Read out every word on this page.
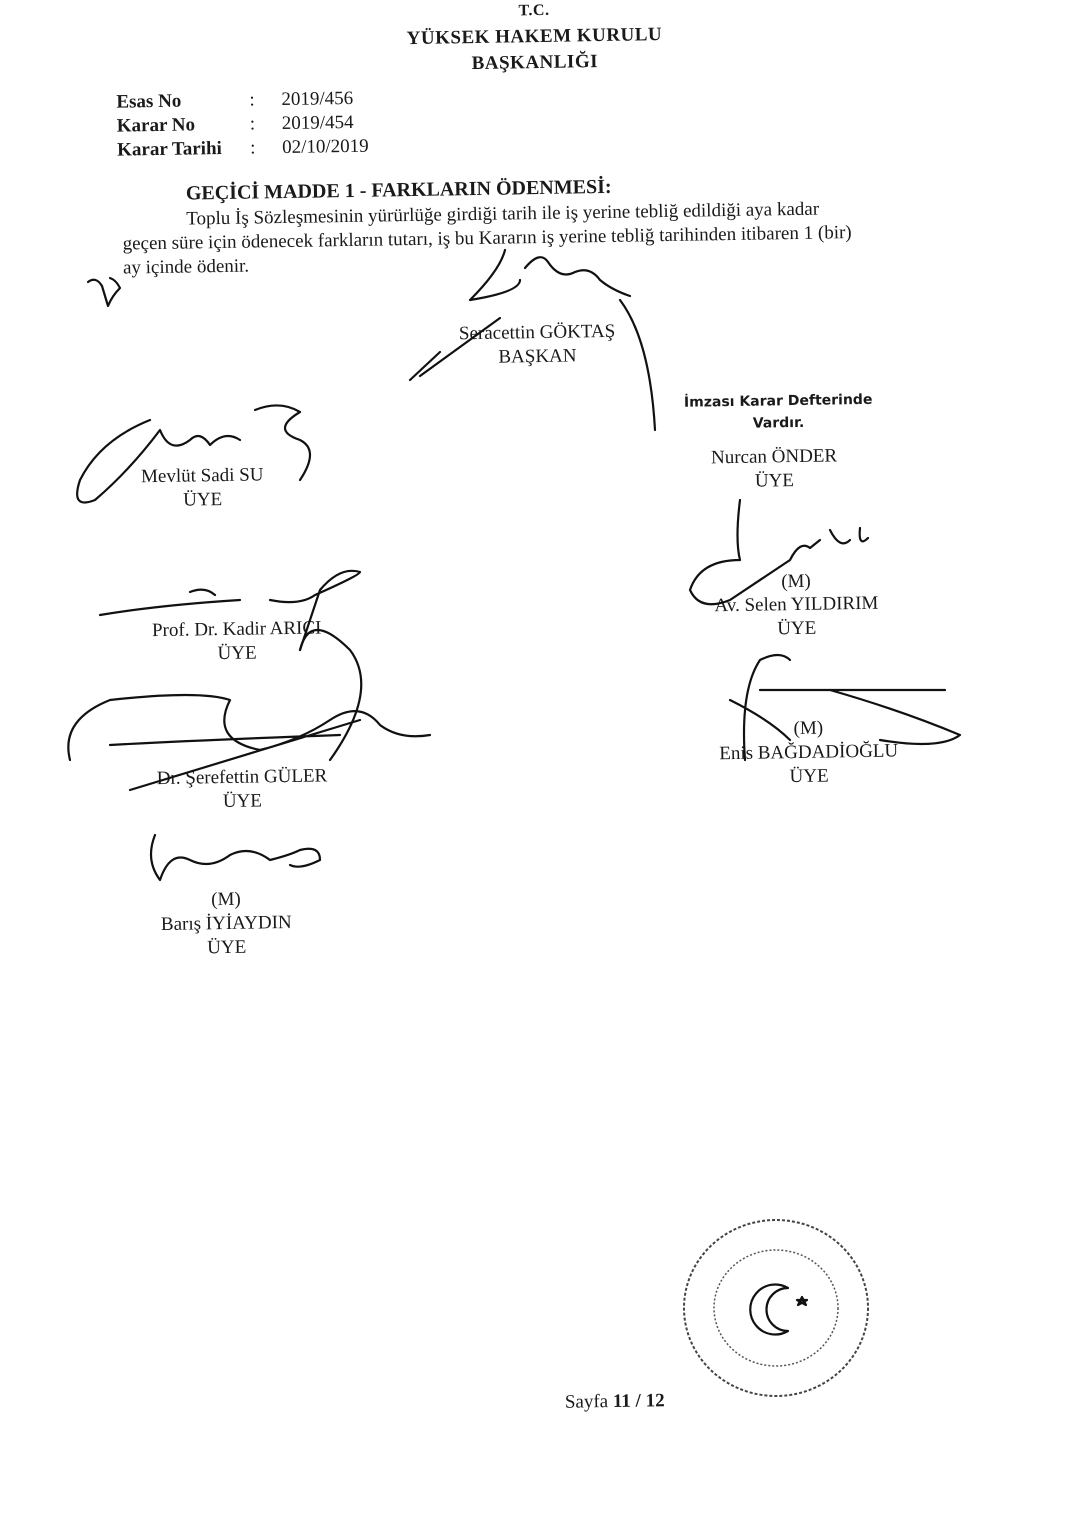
T.C.
YÜKSEK HAKEM KURULU
BAŞKANLIĞI
Esas No	: 2019/456
Karar No	: 2019/454
Karar Tarihi : 02/10/2019
GEÇİCİ MADDE 1 - FARKLARIN ÖDENMESİ:
Toplu İş Sözleşmesinin yürürlüğe girdiği tarih ile iş yerine tebliğ edildiği aya kadar
geçen süre için ödenecek farkların tutarı, iş bu Kararın iş yerine tebliğ tarihinden itibaren 1 (bir)
ay içinde ödenir.
Seracettin GÖKTAŞ
BAŞKAN
Mevlüt Sadi SU
ÜYE
İmzası Karar Defterinde Vardır.
Nurcan ÖNDER
ÜYE
(M)
Av. Selen YILDIRIM
ÜYE
Prof. Dr. Kadir ARICI
ÜYE
(M)
Enis BAĞDADİOĞLU
ÜYE
Dr. Şerefettin GÜLER
ÜYE
(M)
Barış İYİAYDIN
ÜYE
Sayfa 11 / 12
